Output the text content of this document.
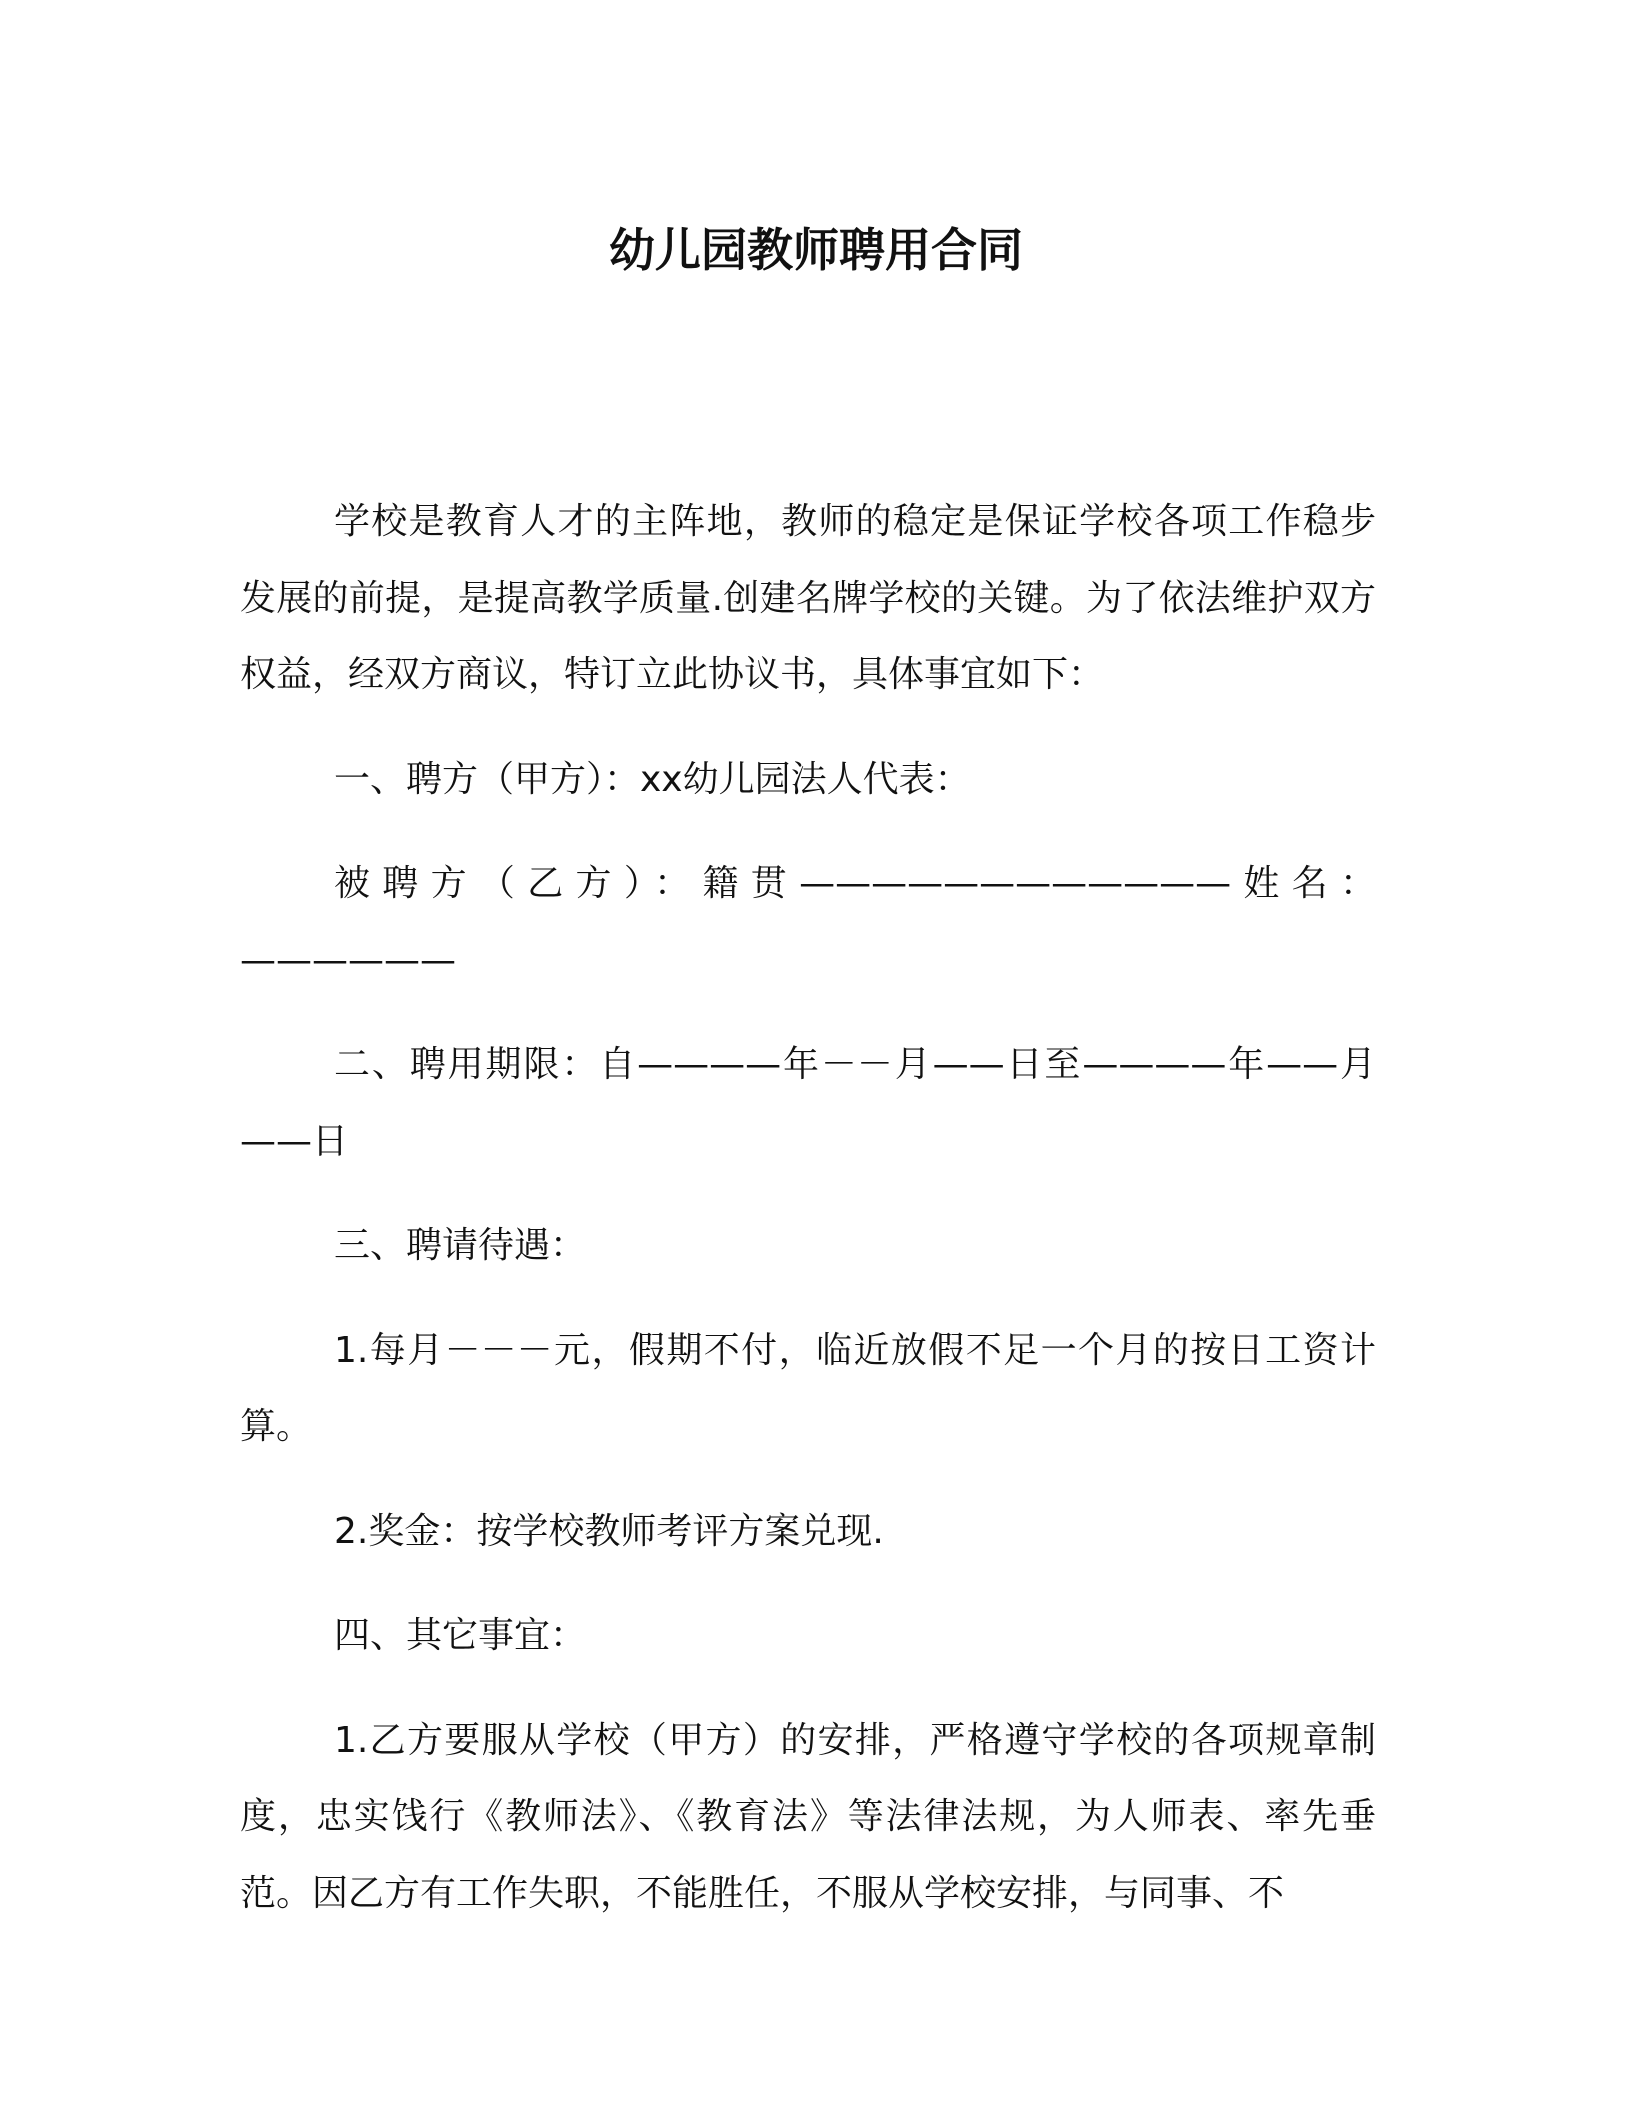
幼儿园教师聘用合同

学校是教育人才的主阵地，教师的稳定是保证学校各项工作稳步发展的前提，是提高教学质量.创建名牌学校的关键。为了依法维护双方权益，经双方商议，特订立此协议书，具体事宜如下：

一、聘方（甲方）：xx幼儿园法人代表：

被聘方（乙方）：籍贯————————————姓名：——————

二、聘用期限：自————年－－月——日至————年——月——日

三、聘请待遇：

1.每月－－－元，假期不付，临近放假不足一个月的按日工资计算。

2.奖金：按学校教师考评方案兑现.

四、其它事宜：

1.乙方要服从学校（甲方）的安排，严格遵守学校的各项规章制度，忠实饯行《教师法》、《教育法》等法律法规，为人师表、率先垂范。因乙方有工作失职，不能胜任，不服从学校安排，与同事、不
